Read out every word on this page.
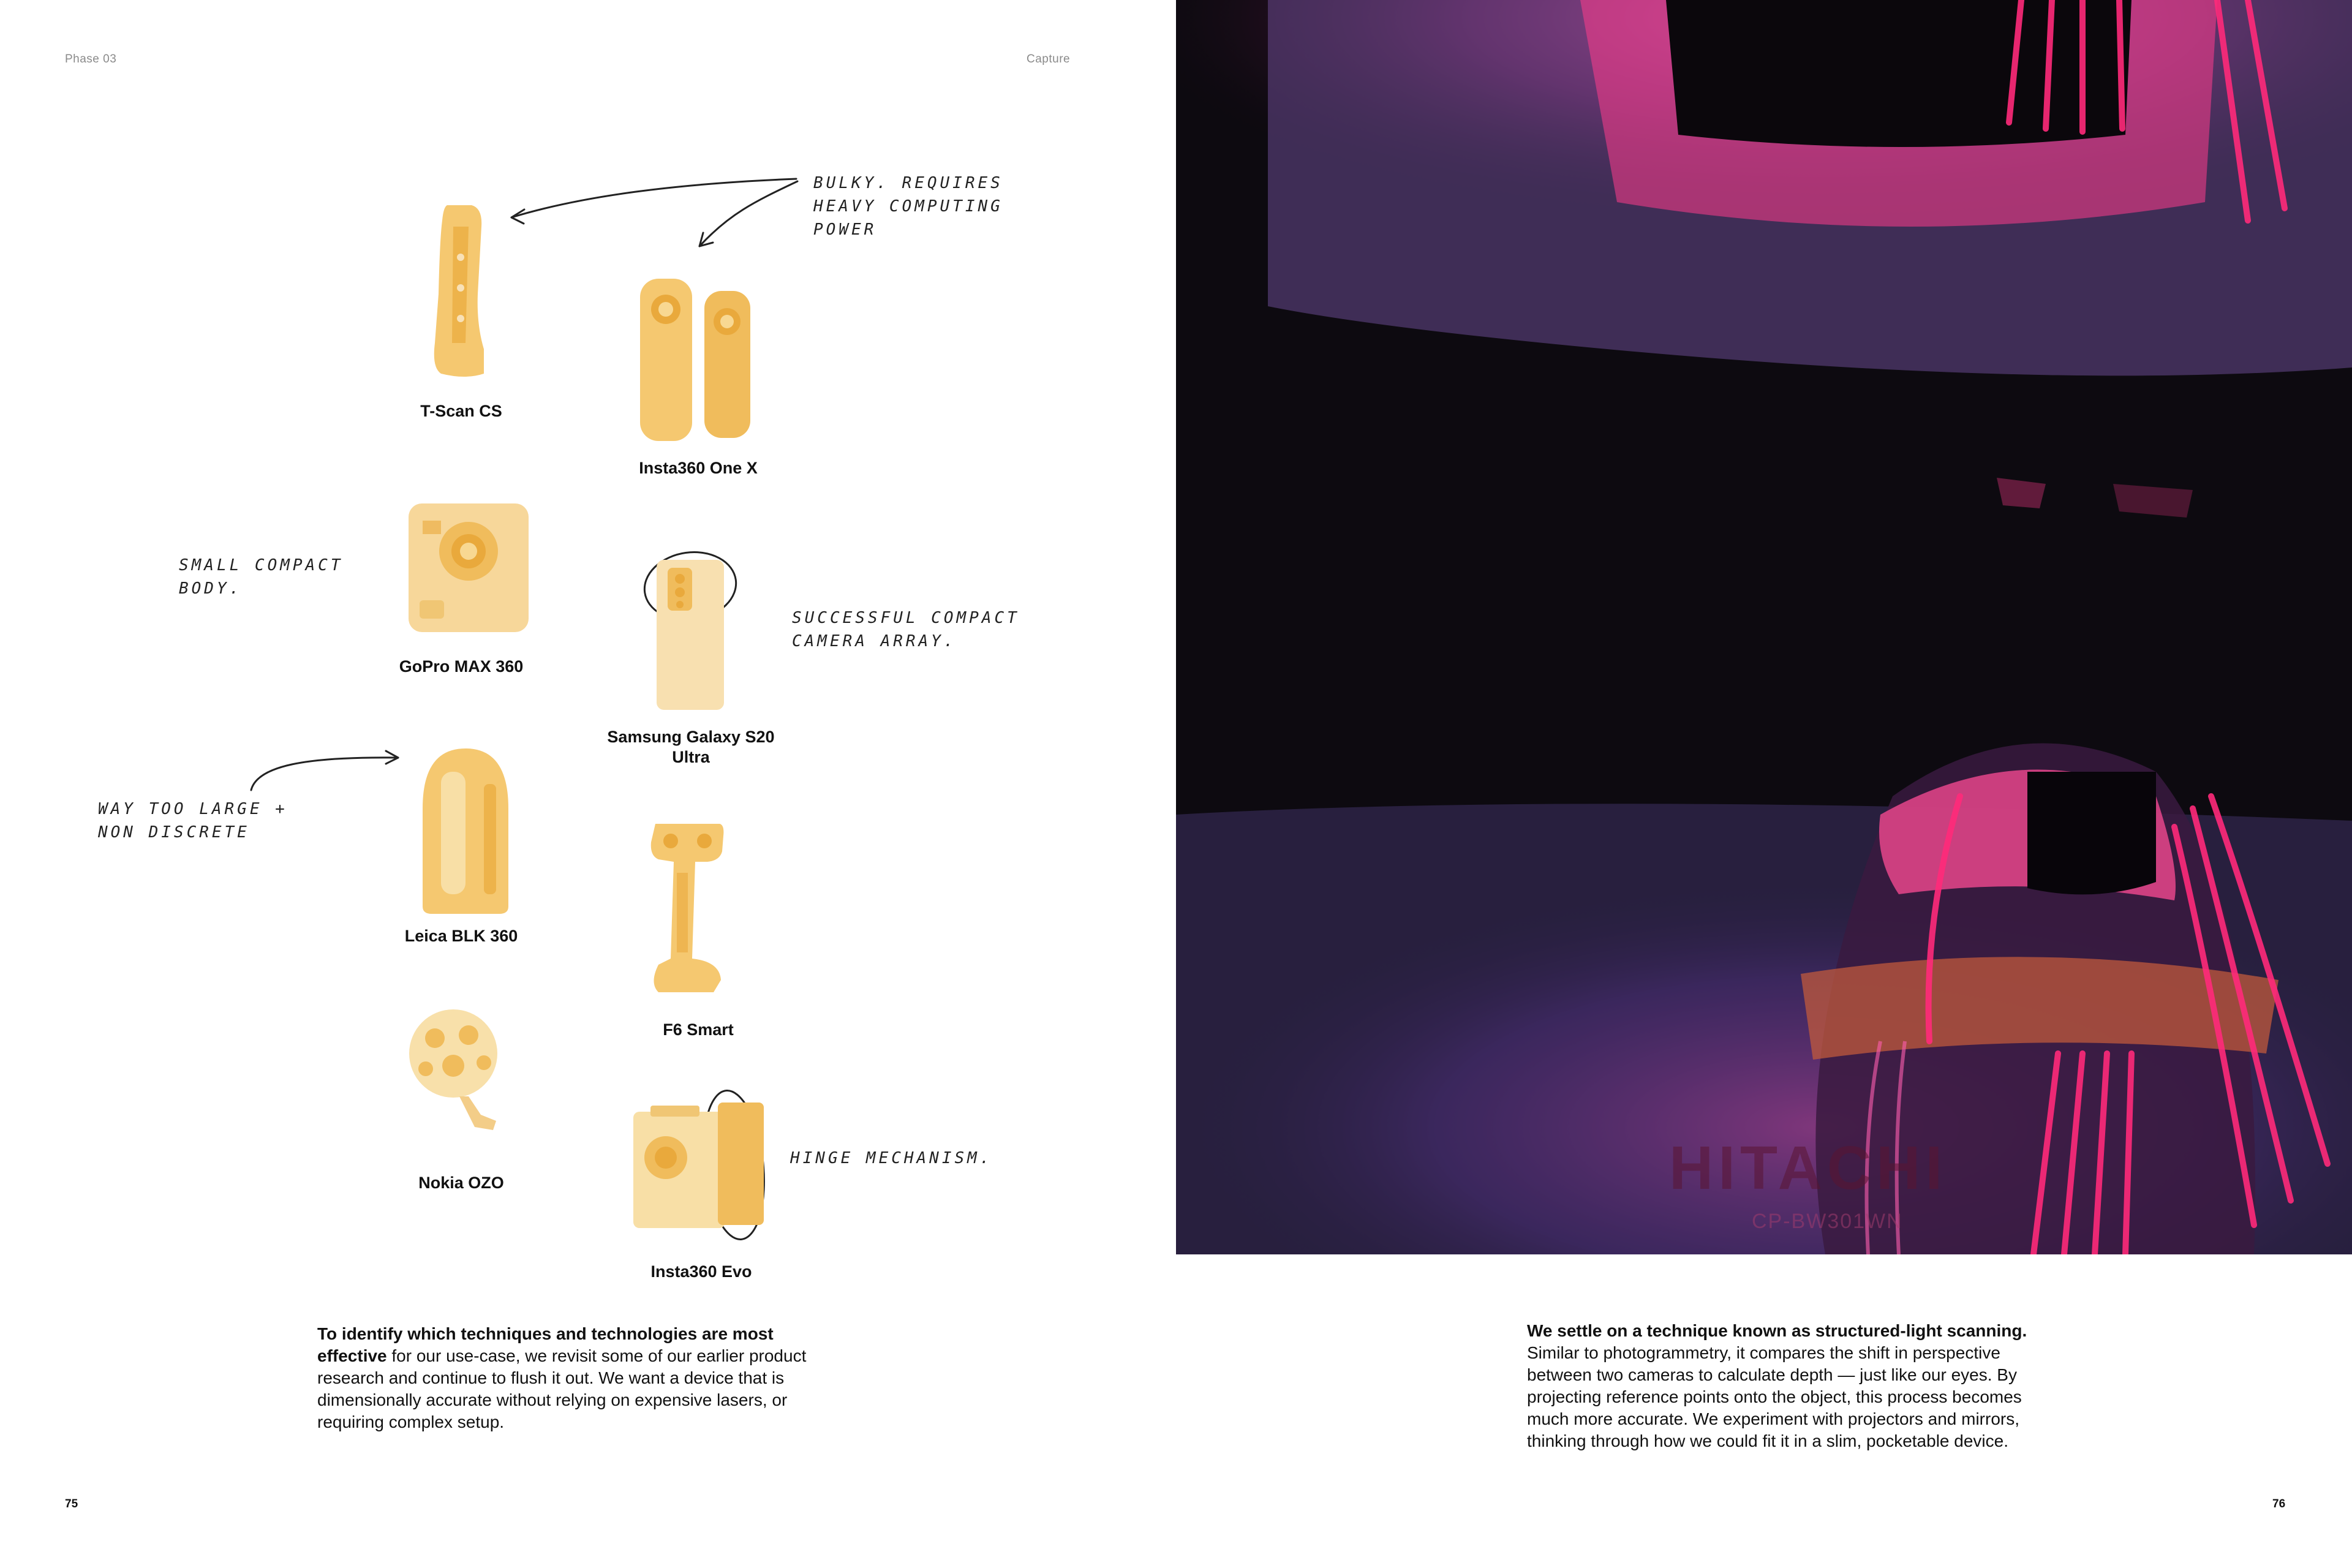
Phase 03	Capture
T-Scan CS
Insta360 One X
GoPro MAX 360
Samsung Galaxy S20 Ultra
Leica BLK 360
F6 Smart
Nokia OZO
Insta360 Evo
BULKY. REQUIRES HEAVY COMPUTING POWER
SMALL COMPACT BODY.
SUCCESSFUL COMPACT CAMERA ARRAY.
WAY TOO LARGE + NON DISCRETE
HINGE MECHANISM.
To identify which techniques and technologies are most effective for our use-case, we revisit some of our earlier product research and continue to flush it out. We want a device that is dimensionally accurate without relying on expensive lasers, or requiring complex setup.
75
HITACHI
CP-BW301WN
We settle on a technique known as structured-light scanning. Similar to photogrammetry, it compares the shift in perspective between two cameras to calculate depth — just like our eyes. By projecting reference points onto the object, this process becomes much more accurate. We experiment with projectors and mirrors, thinking through how we could fit it in a slim, pocketable device.
76
